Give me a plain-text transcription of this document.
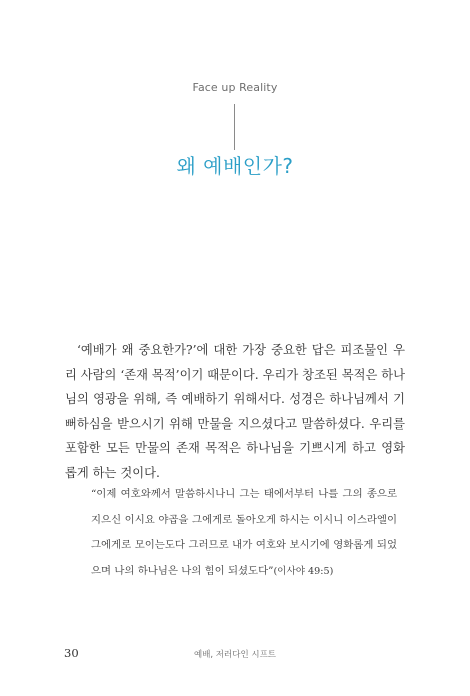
Face up Reality
왜 예배인가?

‘예배가 왜 중요한가?’에 대한 가장 중요한 답은 피조물인 우리 사람의 ‘존재 목적’이기 때문이다. 우리가 창조된 목적은 하나님의 영광을 위해, 즉 예배하기 위해서다. 성경은 하나님께서 기뻐하심을 받으시기 위해 만물을 지으셨다고 말씀하셨다. 우리를 포함한 모든 만물의 존재 목적은 하나님을 기쁘시게 하고 영화롭게 하는 것이다.

“이제 여호와께서 말씀하시나니 그는 태에서부터 나를 그의 종으로 지으신 이시요 야곱을 그에게로 돌아오게 하시는 이시니 이스라엘이 그에게로 모이는도다 그러므로 내가 여호와 보시기에 영화롭게 되었으며 나의 하나님은 나의 힘이 되셨도다”(이사야 49:5)

30	예배, 저러다인 시프트
